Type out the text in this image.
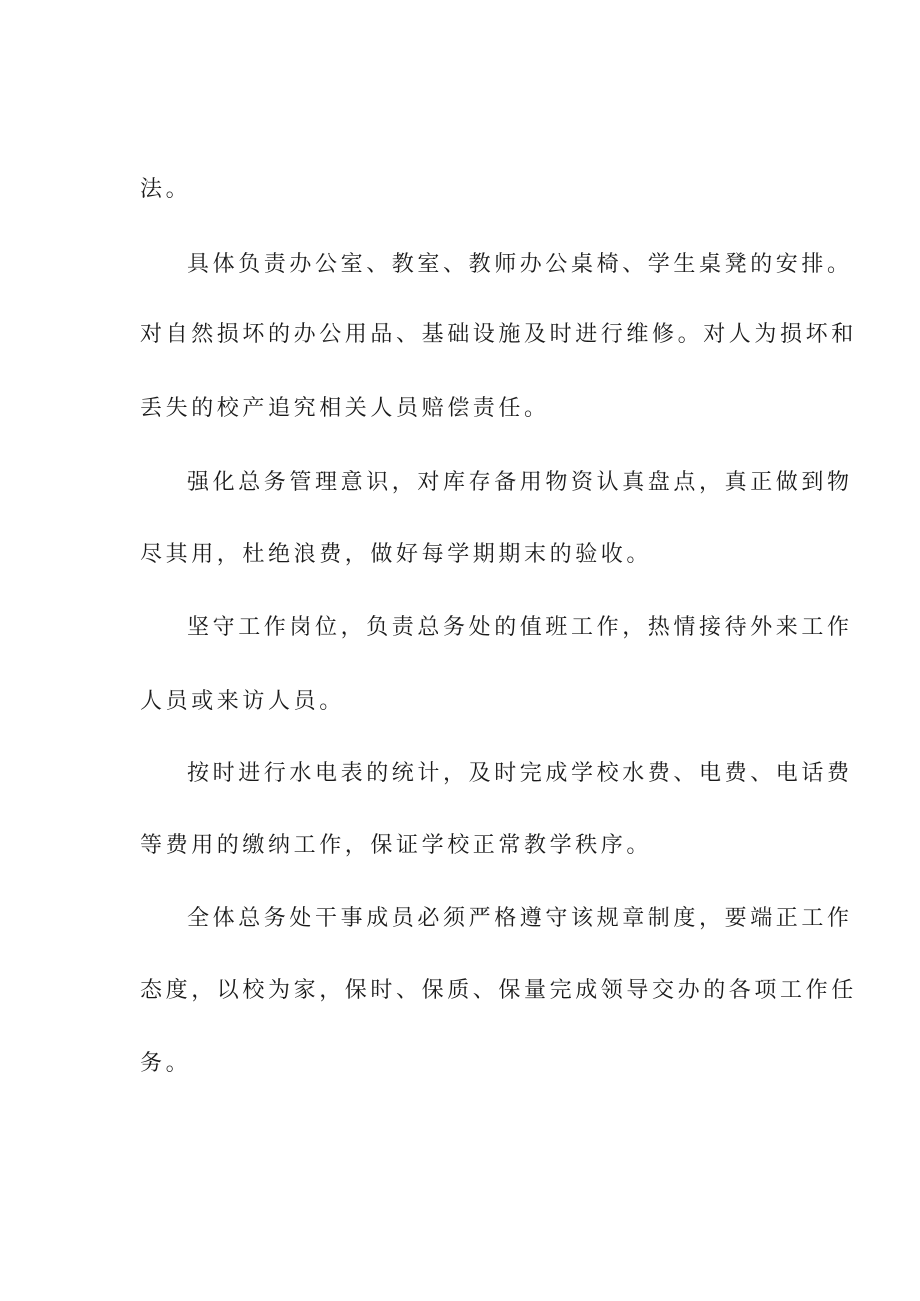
法。

具体负责办公室、教室、教师办公桌椅、学生桌凳的安排。

对自然损坏的办公用品、基础设施及时进行维修。对人为损坏和

丢失的校产追究相关人员赔偿责任。

强化总务管理意识，对库存备用物资认真盘点，真正做到物

尽其用，杜绝浪费，做好每学期期末的验收。

坚守工作岗位，负责总务处的值班工作，热情接待外来工作

人员或来访人员。

按时进行水电表的统计，及时完成学校水费、电费、电话费

等费用的缴纳工作，保证学校正常教学秩序。

全体总务处干事成员必须严格遵守该规章制度，要端正工作

态度，以校为家，保时、保质、保量完成领导交办的各项工作任

务。
